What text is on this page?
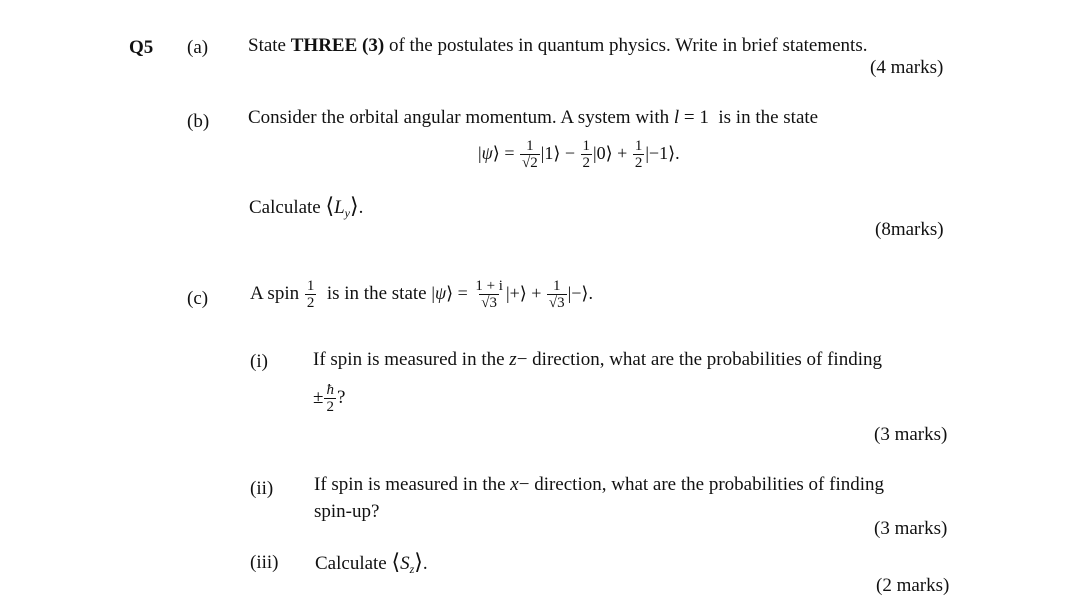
Q5 (a) State THREE (3) of the postulates in quantum physics. Write in brief statements.
(4 marks)
(b) Consider the orbital angular momentum. A system with l = 1 is in the state
|ψ⟩ = $\frac{1}{√2}$ |1⟩ − $\frac{1}{2}$ |0⟩ + $\frac{1}{2}$ |−1⟩.
Calculate $⟨L_y⟩$.
(8marks)
(c) A spin $\frac{1}{2}$ is in the state |ψ⟩ = $\frac{1 + i}{√3}$ |+⟩ + $\frac{1}{√3}$ |−⟩.
(i) If spin is measured in the z− direction, what are the probabilities of finding
± $\frac{ħ}{2}$ ?
(3 marks)
(ii) If spin is measured in the x− direction, what are the probabilities of finding
spin-up?
(3 marks)
(iii) Calculate $⟨S_z⟩$.
(2 marks)
